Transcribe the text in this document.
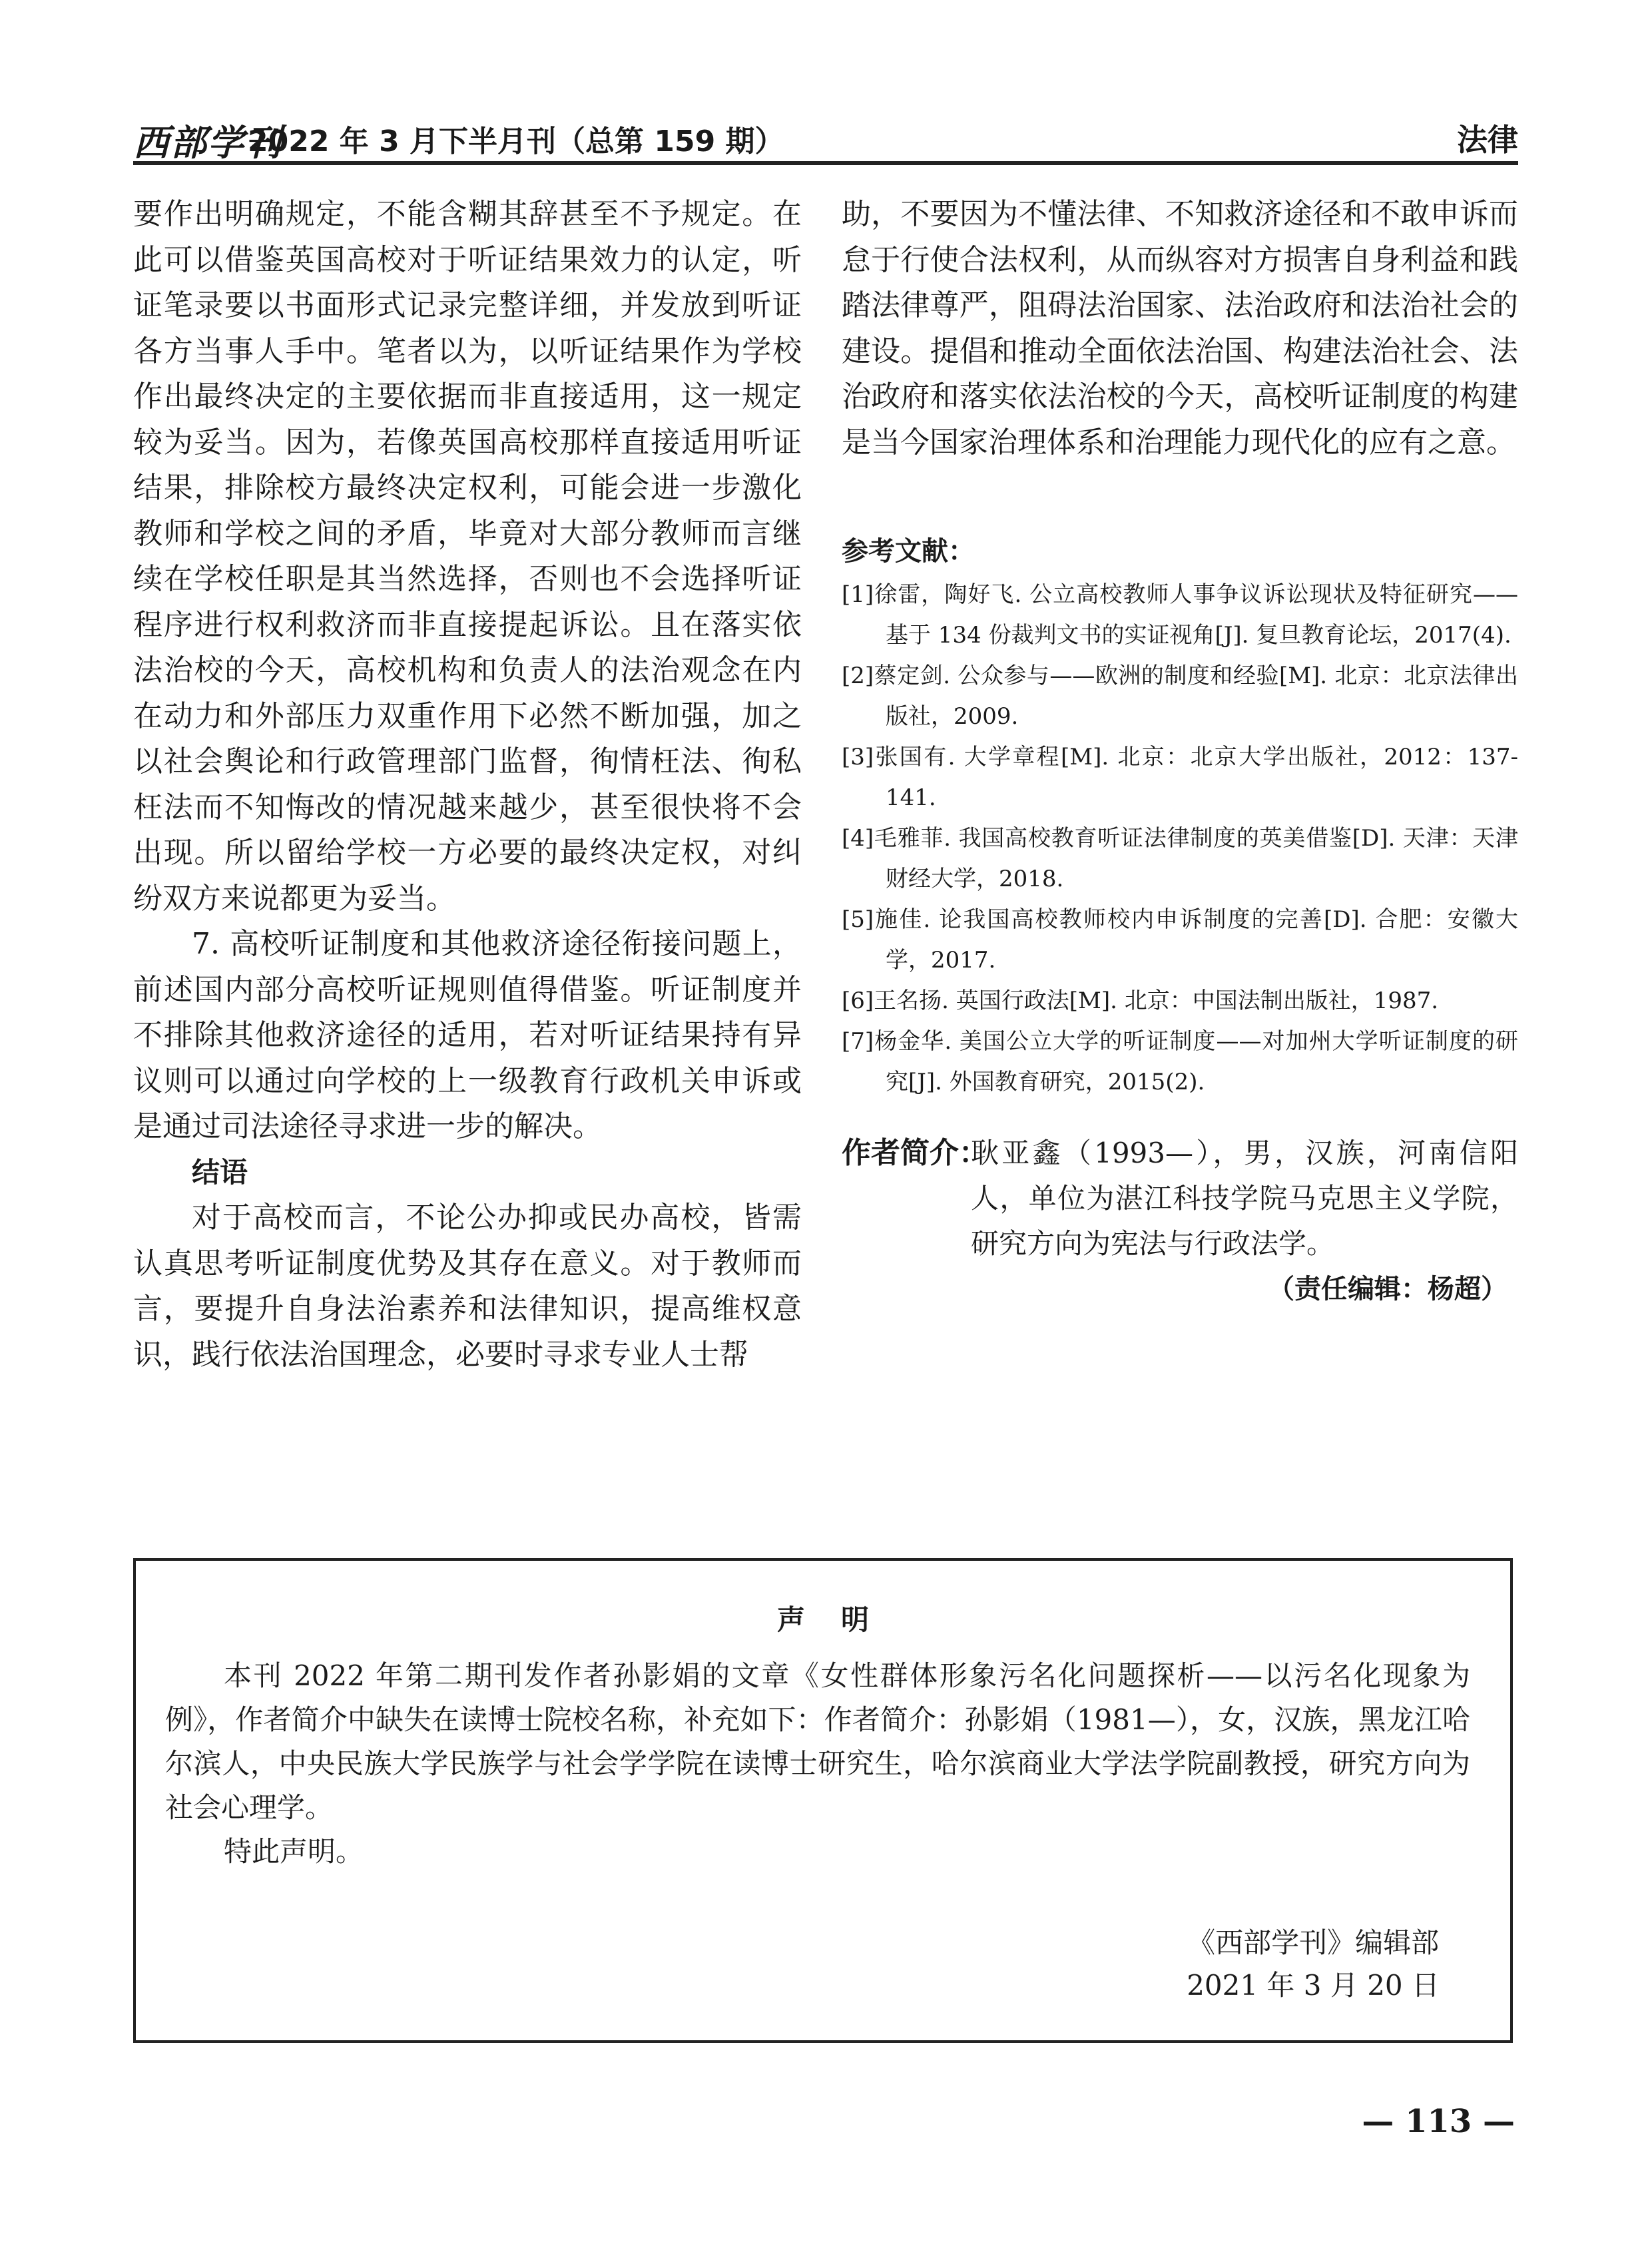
西部学刊
2022 年 3 月下半月刊（总第 159 期）	法律

要作出明确规定，不能含糊其辞甚至不予规定。在此可以借鉴英国高校对于听证结果效力的认定，听证笔录要以书面形式记录完整详细，并发放到听证各方当事人手中。笔者以为，以听证结果作为学校作出最终决定的主要依据而非直接适用，这一规定较为妥当。因为，若像英国高校那样直接适用听证结果，排除校方最终决定权利，可能会进一步激化教师和学校之间的矛盾，毕竟对大部分教师而言继续在学校任职是其当然选择，否则也不会选择听证程序进行权利救济而非直接提起诉讼。且在落实依法治校的今天，高校机构和负责人的法治观念在内在动力和外部压力双重作用下必然不断加强，加之以社会舆论和行政管理部门监督，徇情枉法、徇私枉法而不知悔改的情况越来越少，甚至很快将不会出现。所以留给学校一方必要的最终决定权，对纠纷双方来说都更为妥当。

7. 高校听证制度和其他救济途径衔接问题上，前述国内部分高校听证规则值得借鉴。听证制度并不排除其他救济途径的适用，若对听证结果持有异议则可以通过向学校的上一级教育行政机关申诉或是通过司法途径寻求进一步的解决。

结语

对于高校而言，不论公办抑或民办高校，皆需认真思考听证制度优势及其存在意义。对于教师而言，要提升自身法治素养和法律知识，提高维权意识，践行依法治国理念，必要时寻求专业人士帮

助，不要因为不懂法律、不知救济途径和不敢申诉而怠于行使合法权利，从而纵容对方损害自身利益和践踏法律尊严，阻碍法治国家、法治政府和法治社会的建设。提倡和推动全面依法治国、构建法治社会、法治政府和落实依法治校的今天，高校听证制度的构建是当今国家治理体系和治理能力现代化的应有之意。

参考文献：
[1]徐雷，陶好飞. 公立高校教师人事争议诉讼现状及特征研究——基于 134 份裁判文书的实证视角[J]. 复旦教育论坛，2017(4).
[2]蔡定剑. 公众参与——欧洲的制度和经验[M]. 北京：北京法律出版社，2009.
[3]张国有. 大学章程[M]. 北京：北京大学出版社，2012：137-141.
[4]毛雅菲. 我国高校教育听证法律制度的英美借鉴[D]. 天津：天津财经大学，2018.
[5]施佳. 论我国高校教师校内申诉制度的完善[D]. 合肥：安徽大学，2017.
[6]王名扬. 英国行政法[M]. 北京：中国法制出版社，1987.
[7]杨金华. 美国公立大学的听证制度——对加州大学听证制度的研究[J]. 外国教育研究，2015(2).
作者简介：
耿亚鑫（1993—），男，汉族，河南信阳人，单位为湛江科技学院马克思主义学院，研究方向为宪法与行政法学。
（责任编辑：杨超）
声明

本刊 2022 年第二期刊发作者孙影娟的文章《女性群体形象污名化问题探析——以污名化现象为例》，作者简介中缺失在读博士院校名称，补充如下：作者简介：孙影娟（1981—），女，汉族，黑龙江哈尔滨人，中央民族大学民族学与社会学学院在读博士研究生，哈尔滨商业大学法学院副教授，研究方向为社会心理学。

特此声明。

《西部学刊》编辑部
2021 年 3 月 20 日
— 113 —
